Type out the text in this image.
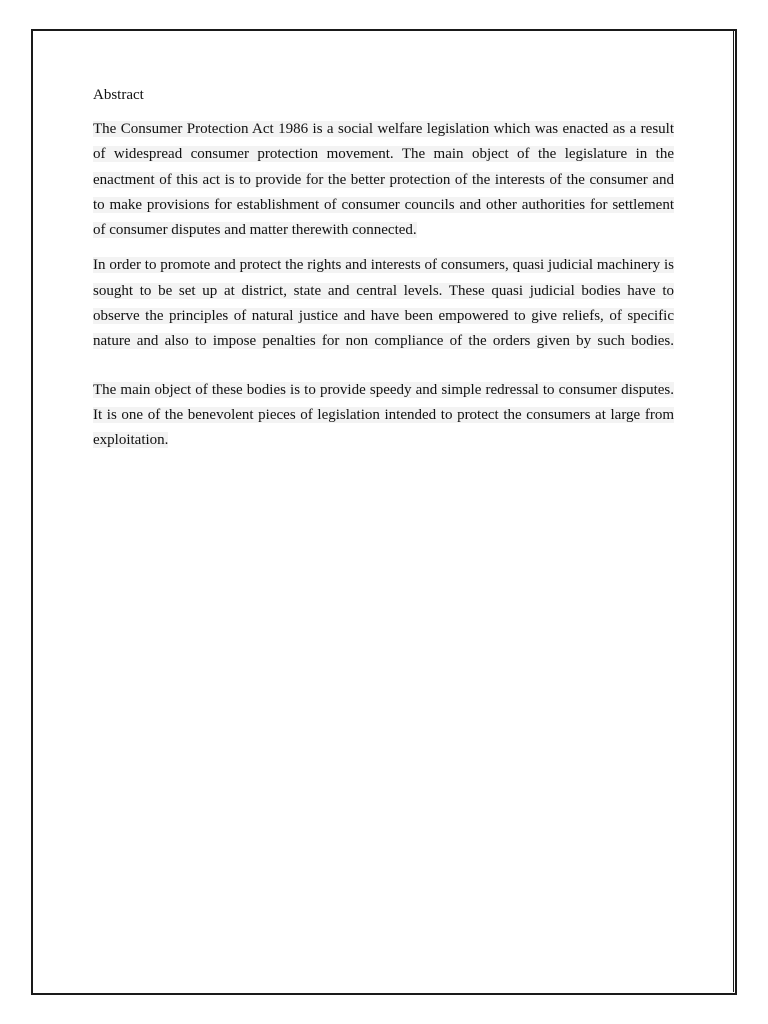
Abstract

The Consumer Protection Act 1986 is a social welfare legislation which was enacted as a result of widespread consumer protection movement. The main object of the legislature in the enactment of this act is to provide for the better protection of the interests of the consumer and to make provisions for establishment of consumer councils and other authorities for settlement of consumer disputes and matter therewith connected.

In order to promote and protect the rights and interests of consumers, quasi judicial machinery is sought to be set up at district, state and central levels. These quasi judicial bodies have to observe the principles of natural justice and have been empowered to give reliefs, of specific nature and also to impose penalties for non compliance of the orders given by such bodies.

The main object of these bodies is to provide speedy and simple redressal to consumer disputes. It is one of the benevolent pieces of legislation intended to protect the consumers at large from exploitation.
